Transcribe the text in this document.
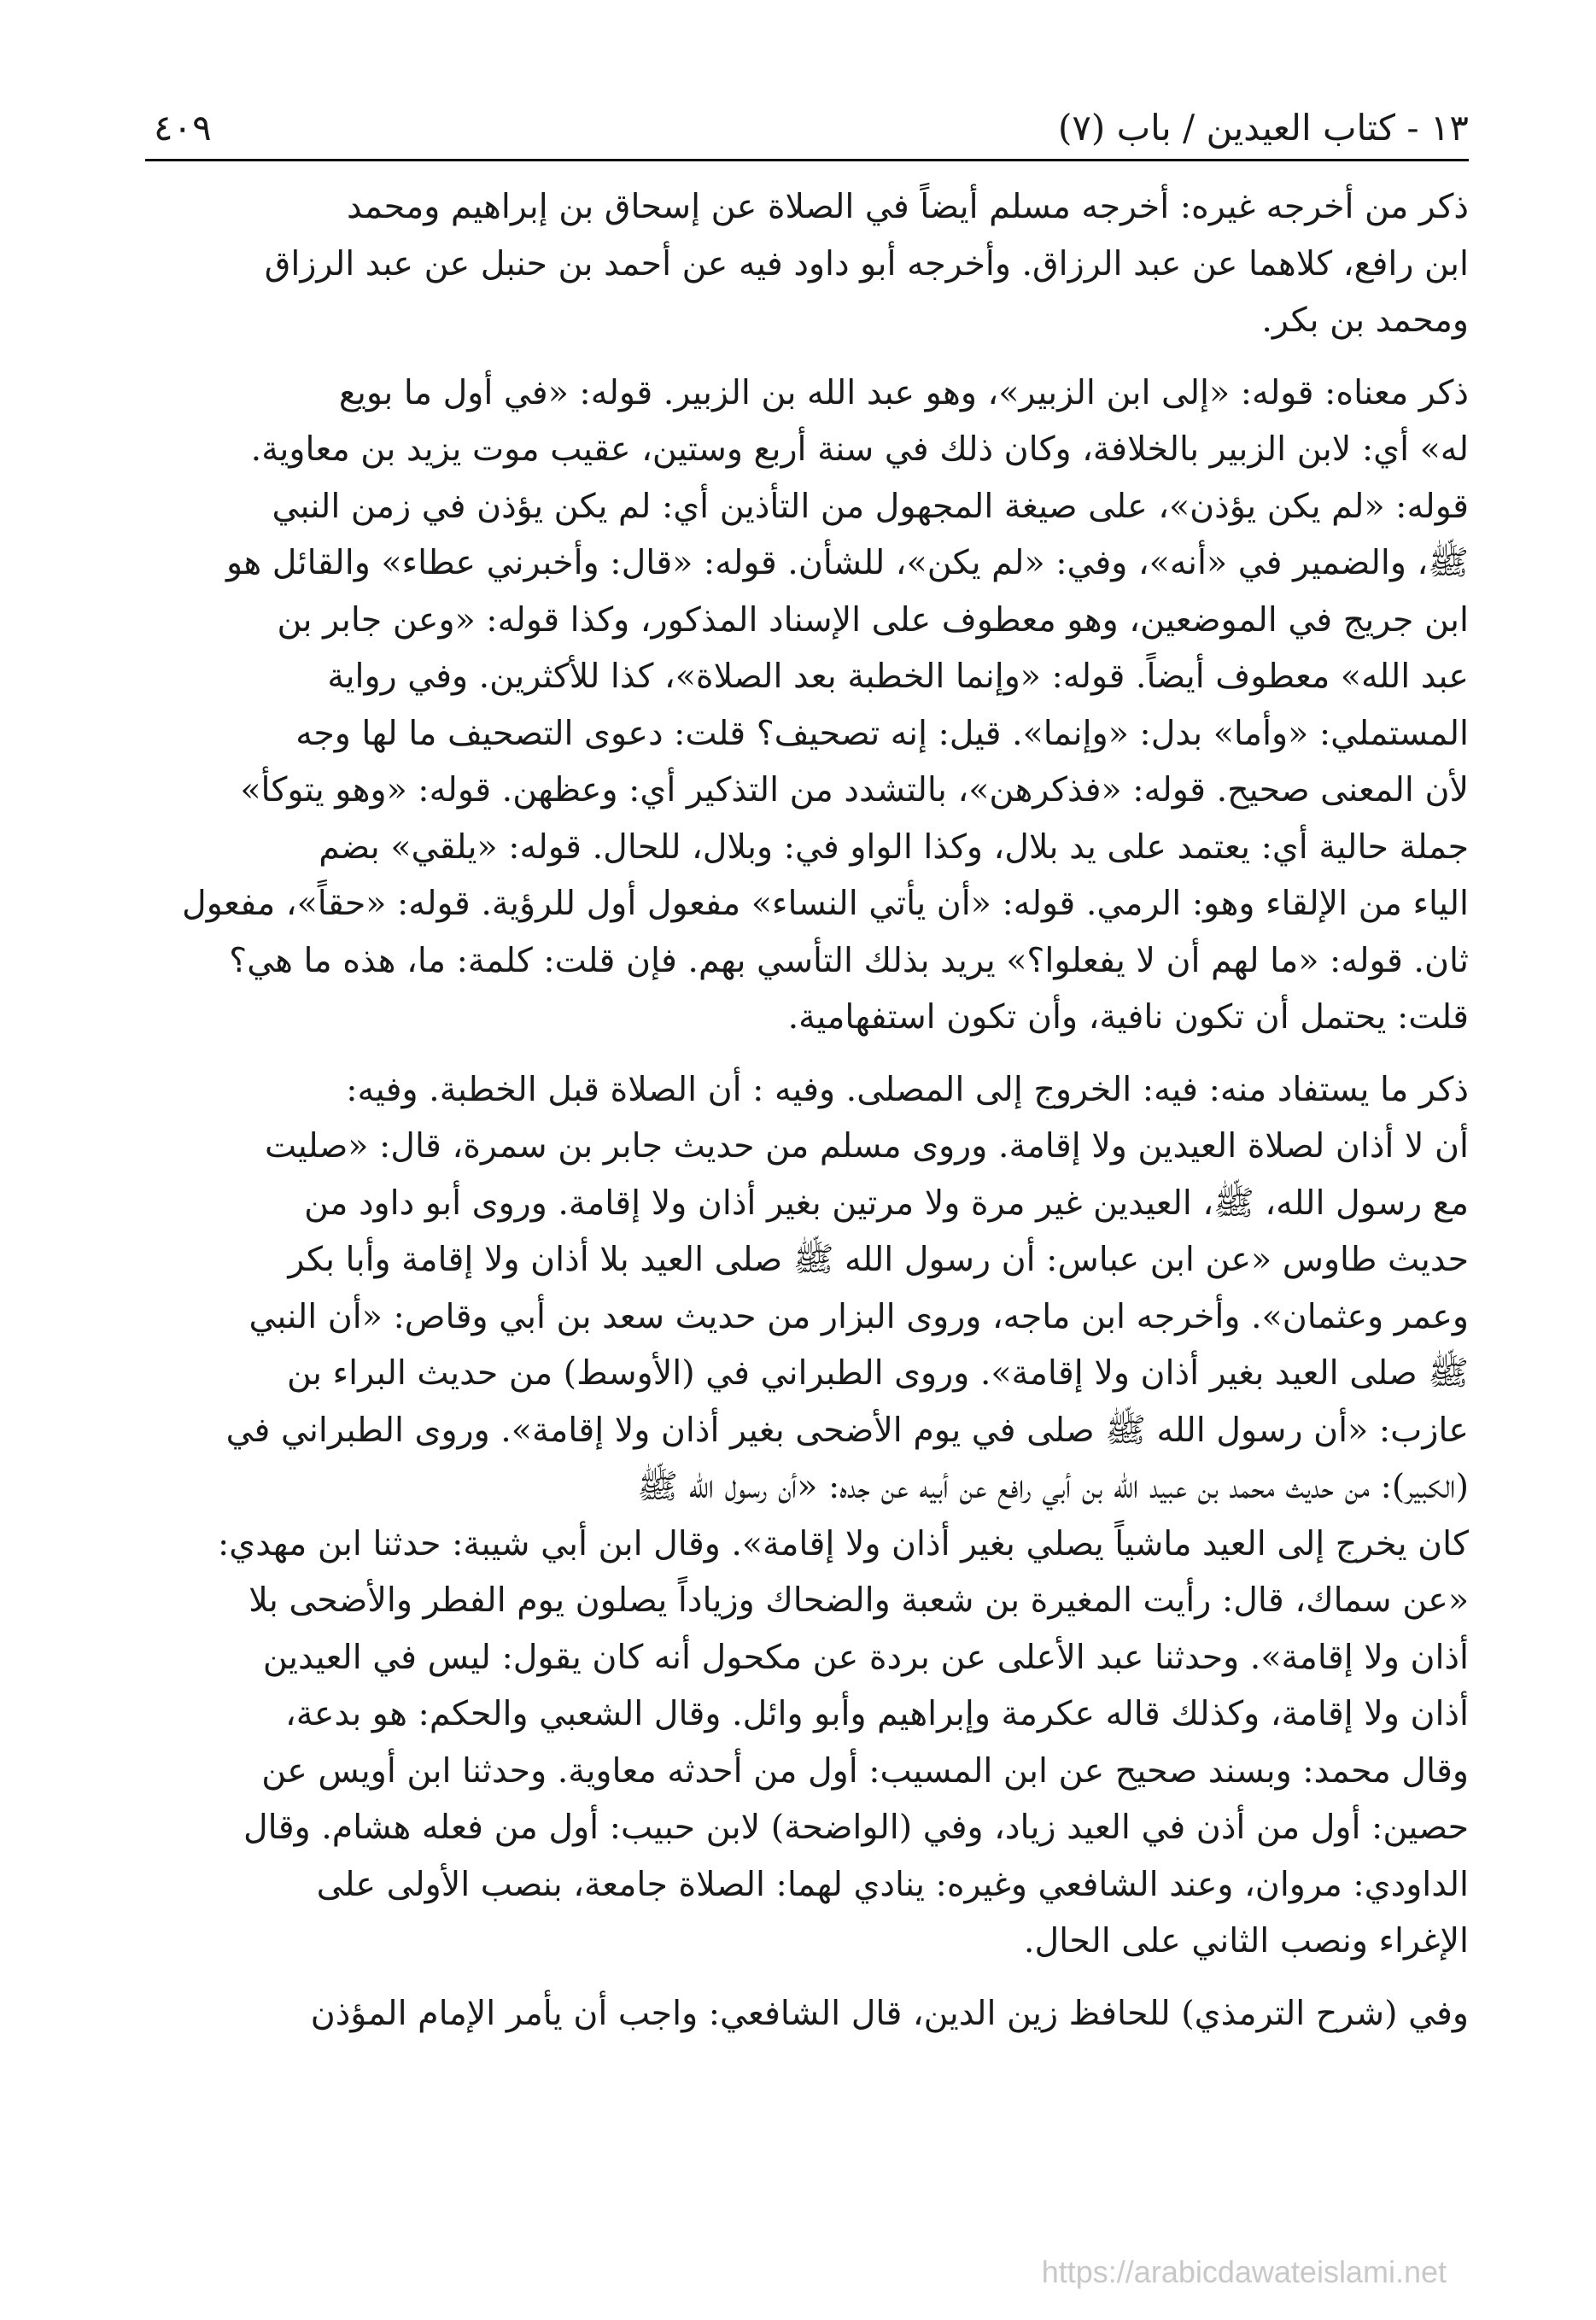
١٣ - كتاب العيدين / باب (٧)
٤٠٩

ذكر من أخرجه غيره: أخرجه مسلم أيضاً في الصلاة عن إسحاق بن إبراهيم ومحمد
ابن رافع، كلاهما عن عبد الرزاق. وأخرجه أبو داود فيه عن أحمد بن حنبل عن عبد الرزاق
ومحمد بن بكر.

ذكر معناه: قوله: «إلى ابن الزبير»، وهو عبد الله بن الزبير. قوله: «في أول ما بويع
له» أي: لابن الزبير بالخلافة، وكان ذلك في سنة أربع وستين، عقيب موت يزيد بن معاوية.
قوله: «لم يكن يؤذن»، على صيغة المجهول من التأذين أي: لم يكن يؤذن في زمن النبي
ﷺ، والضمير في «أنه»، وفي: «لم يكن»، للشأن. قوله: «قال: وأخبرني عطاء» والقائل هو
ابن جريج في الموضعين، وهو معطوف على الإسناد المذكور، وكذا قوله: «وعن جابر بن
عبد الله» معطوف أيضاً. قوله: «وإنما الخطبة بعد الصلاة»، كذا للأكثرين. وفي رواية
المستملي: «وأما» بدل: «وإنما». قيل: إنه تصحيف؟ قلت: دعوى التصحيف ما لها وجه
لأن المعنى صحيح. قوله: «فذكرهن»، بالتشدد من التذكير أي: وعظهن. قوله: «وهو يتوكأ»
جملة حالية أي: يعتمد على يد بلال، وكذا الواو في: وبلال، للحال. قوله: «يلقي» بضم
الياء من الإلقاء وهو: الرمي. قوله: «أن يأتي النساء» مفعول أول للرؤية. قوله: «حقاً»، مفعول
ثان. قوله: «ما لهم أن لا يفعلوا؟» يريد بذلك التأسي بهم. فإن قلت: كلمة: ما، هذه ما هي؟
قلت: يحتمل أن تكون نافية، وأن تكون استفهامية.

ذكر ما يستفاد منه: فيه: الخروج إلى المصلى. وفيه : أن الصلاة قبل الخطبة. وفيه:
أن لا أذان لصلاة العيدين ولا إقامة. وروى مسلم من حديث جابر بن سمرة، قال: «صليت
مع رسول الله، ﷺ، العيدين غير مرة ولا مرتين بغير أذان ولا إقامة. وروى أبو داود من
حديث طاوس «عن ابن عباس: أن رسول الله ﷺ صلى العيد بلا أذان ولا إقامة وأبا بكر
وعمر وعثمان». وأخرجه ابن ماجه، وروى البزار من حديث سعد بن أبي وقاص: «أن النبي
ﷺ صلى العيد بغير أذان ولا إقامة». وروى الطبراني في (الأوسط) من حديث البراء بن
عازب: «أن رسول الله ﷺ صلى في يوم الأضحى بغير أذان ولا إقامة». وروى الطبراني في
(الكبير): من حديث محمد بن عبيد الله بن أبي رافع عن أبيه عن جده: «أن رسول الله ﷺ
كان يخرج إلى العيد ماشياً يصلي بغير أذان ولا إقامة». وقال ابن أبي شيبة: حدثنا ابن مهدي:
«عن سماك، قال: رأيت المغيرة بن شعبة والضحاك وزياداً يصلون يوم الفطر والأضحى بلا
أذان ولا إقامة». وحدثنا عبد الأعلى عن بردة عن مكحول أنه كان يقول: ليس في العيدين
أذان ولا إقامة، وكذلك قاله عكرمة وإبراهيم وأبو وائل. وقال الشعبي والحكم: هو بدعة،
وقال محمد: وبسند صحيح عن ابن المسيب: أول من أحدثه معاوية. وحدثنا ابن أويس عن
حصين: أول من أذن في العيد زياد، وفي (الواضحة) لابن حبيب: أول من فعله هشام. وقال
الداودي: مروان، وعند الشافعي وغيره: ينادي لهما: الصلاة جامعة، بنصب الأولى على
الإغراء ونصب الثاني على الحال.

وفي (شرح الترمذي) للحافظ زين الدين، قال الشافعي: واجب أن يأمر الإمام المؤذن

https://arabicdawateislami.net
